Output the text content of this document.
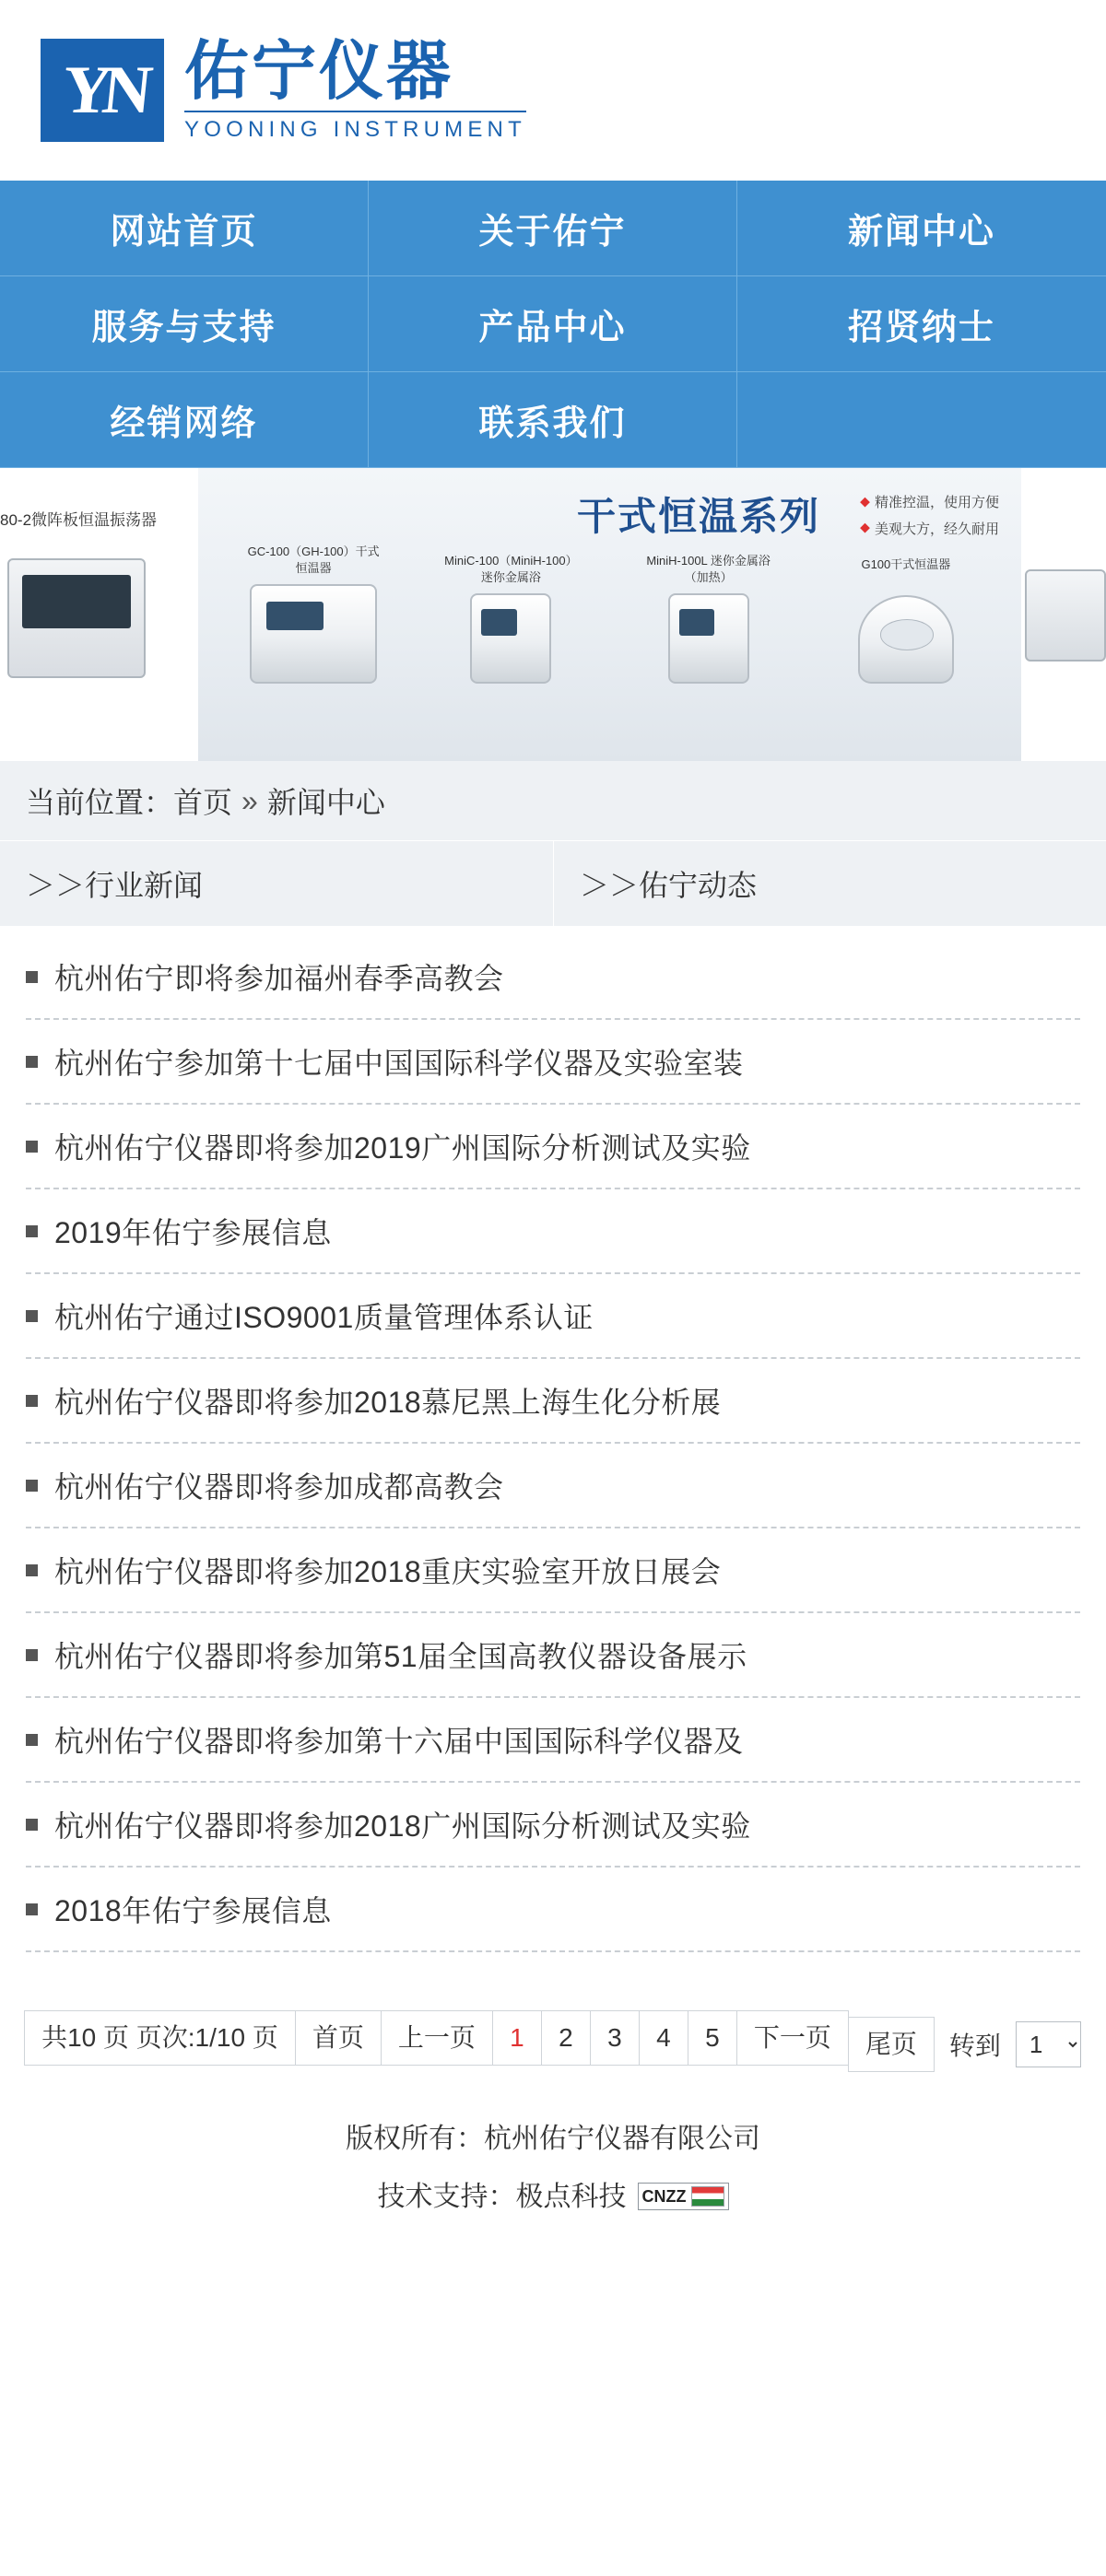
YN 佑宁仪器
YOONING INSTRUMENT
网站首页	关于佑宁	新闻中心
服务与支持	产品中心	招贤纳士
经销网络	联系我们
80-2微阵板恒温振荡器	干式恒温系列	◆ 精准控温，使用方便
◆ 美观大方，经久耐用
GC-100（GH-100）干式恒温器
MiniC-100（MiniH-100）迷你金属浴
MiniH-100L 迷你金属浴（加热）
G100干式恒温器
当前位置： 首页 » 新闻中心
＞＞行业新闻	＞＞佑宁动态
杭州佑宁即将参加福州春季高教会
杭州佑宁参加第十七届中国国际科学仪器及实验室装
杭州佑宁仪器即将参加2019广州国际分析测试及实验
2019年佑宁参展信息
杭州佑宁通过ISO9001质量管理体系认证
杭州佑宁仪器即将参加2018慕尼黑上海生化分析展
杭州佑宁仪器即将参加成都高教会
杭州佑宁仪器即将参加2018重庆实验室开放日展会
杭州佑宁仪器即将参加第51届全国高教仪器设备展示
杭州佑宁仪器即将参加第十六届中国国际科学仪器及
杭州佑宁仪器即将参加2018广州国际分析测试及实验
2018年佑宁参展信息
共10 页 页次:1/10 页	首页	上一页	1	2	3	4	5	下一页	尾页	转到
1
版权所有：杭州佑宁仪器有限公司
技术支持：极点科技 CNZZ
